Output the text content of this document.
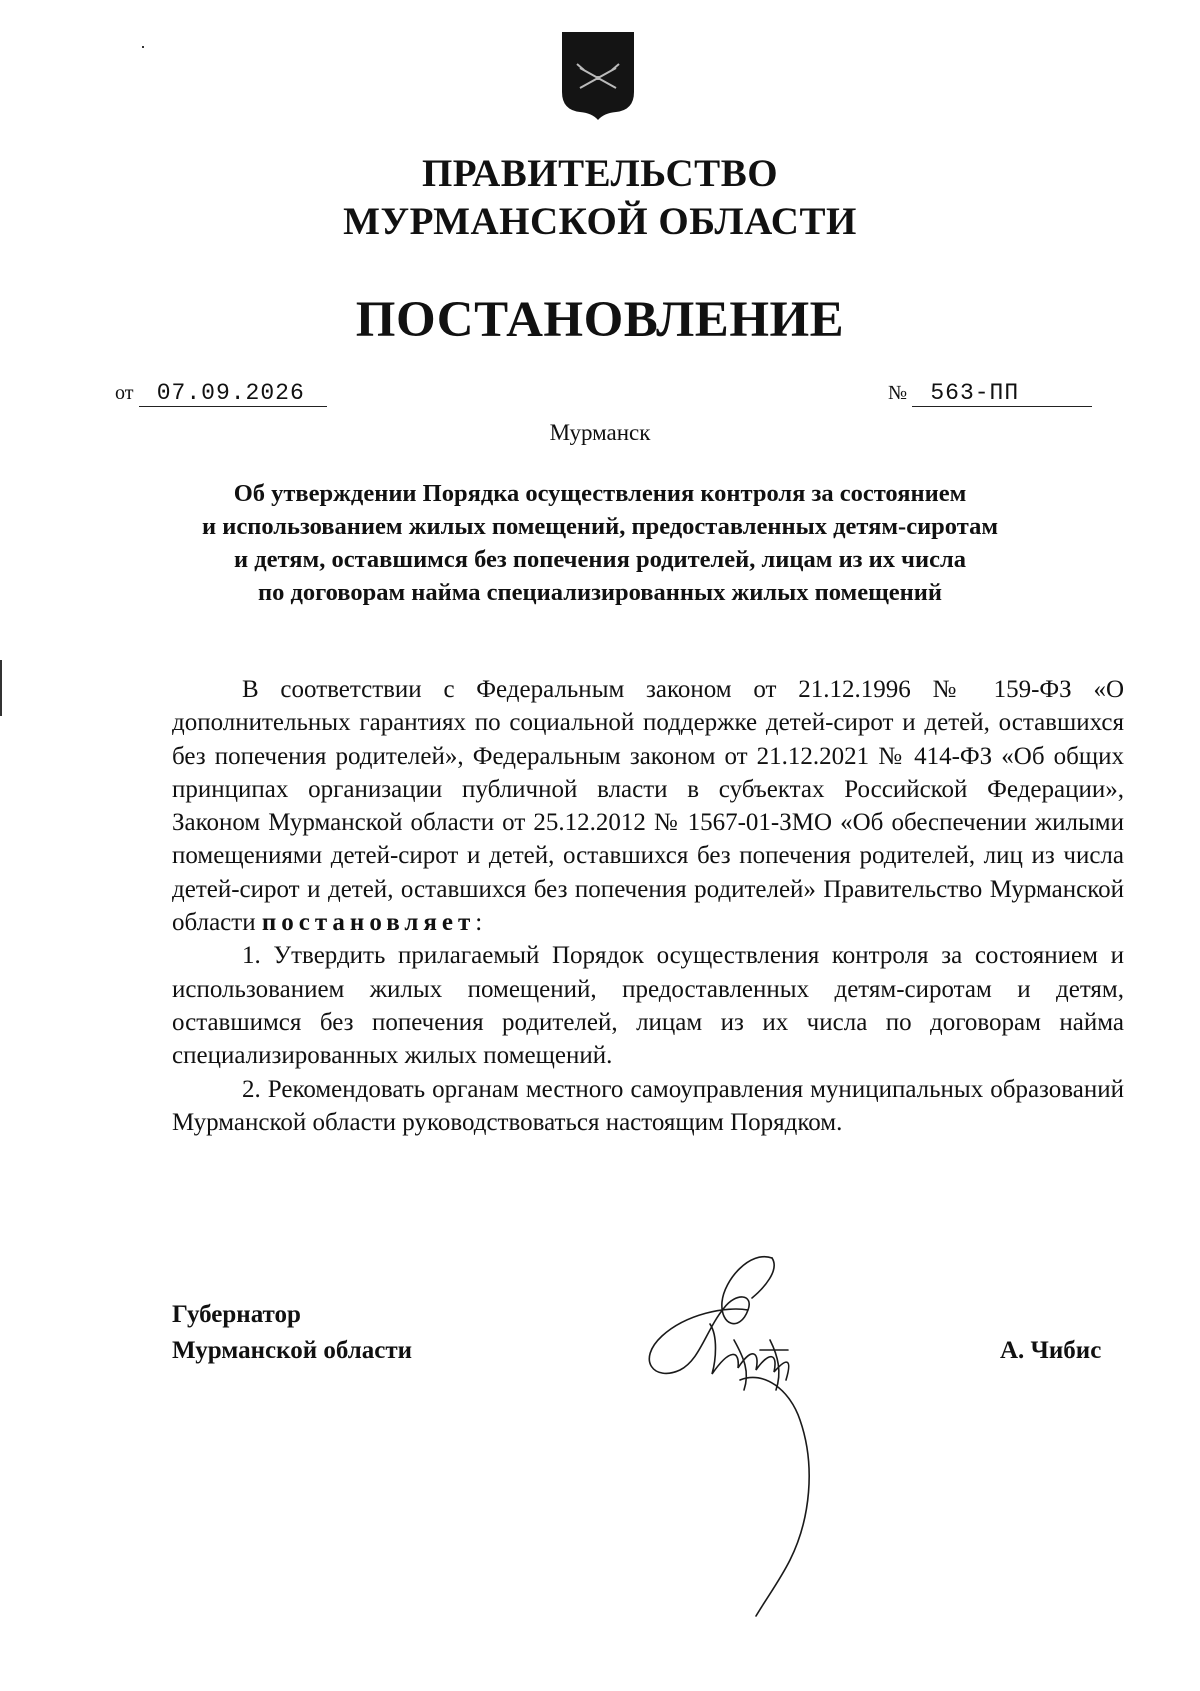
ПРАВИТЕЛЬСТВО
МУРМАНСКОЙ ОБЛАСТИ
ПОСТАНОВЛЕНИЕ
от 07.09.2026	№ 563-ПП
Мурманск
Об утверждении Порядка осуществления контроля за состоянием
и использованием жилых помещений, предоставленных детям-сиротам
и детям, оставшимся без попечения родителей, лицам из их числа
по договорам найма специализированных жилых помещений

В соответствии с Федеральным законом от 21.12.1996 № 159-ФЗ «О дополнительных гарантиях по социальной поддержке детей-сирот и детей, оставшихся без попечения родителей», Федеральным законом от 21.12.2021 № 414-ФЗ «Об общих принципах организации публичной власти в субъектах Российской Федерации», Законом Мурманской области от 25.12.2012 № 1567-01-ЗМО «Об обеспечении жилыми помещениями детей-сирот и детей, оставшихся без попечения родителей, лиц из числа детей-сирот и детей, оставшихся без попечения родителей» Правительство Мурманской области постановляет:

1. Утвердить прилагаемый Порядок осуществления контроля за состоянием и использованием жилых помещений, предоставленных детям-сиротам и детям, оставшимся без попечения родителей, лицам из их числа по договорам найма специализированных жилых помещений.

2. Рекомендовать органам местного самоуправления муниципальных образований Мурманской области руководствоваться настоящим Порядком.

Губернатор
Мурманской области	А. Чибис
